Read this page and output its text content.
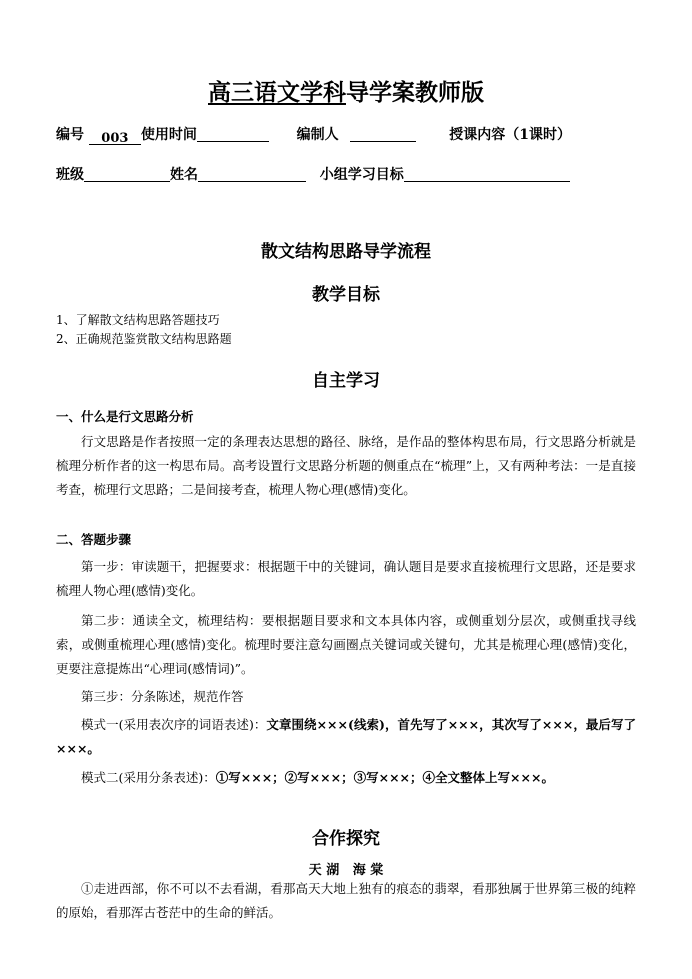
高三语文学科导学案教师版
编号 003 使用时间	编制人	授课内容（1课时）
班级	姓名	小组学习目标
散文结构思路导学流程
教学目标
1、了解散文结构思路答题技巧
2、正确规范鉴赏散文结构思路题
自主学习
一、什么是行文思路分析
行文思路是作者按照一定的条理表达思想的路径、脉络，是作品的整体构思布局，行文思路分析就是梳理分析作者的这一构思布局。高考设置行文思路分析题的侧重点在“梳理”上，又有两种考法：一是直接考查，梳理行文思路；二是间接考查，梳理人物心理(感情)变化。
二、答题步骤
第一步：审读题干，把握要求：根据题干中的关键词，确认题目是要求直接梳理行文思路，还是要求梳理人物心理(感情)变化。
第二步：通读全文，梳理结构：要根据题目要求和文本具体内容，或侧重划分层次，或侧重找寻线索，或侧重梳理心理(感情)变化。梳理时要注意勾画圈点关键词或关键句，尤其是梳理心理(感情)变化，更要注意提炼出“心理词(感情词)”。
第三步：分条陈述，规范作答
模式一(采用表次序的词语表述)：文章围绕×××(线索)，首先写了×××，其次写了×××，最后写了×××。
模式二(采用分条表述)：①写×××；②写×××；③写×××；④全文整体上写×××。
合作探究
天 湖   海 棠
①走进西部，你不可以不去看湖，看那高天大地上独有的痕态的翡翠，看那独属于世界第三极的纯粹的原始，看那浑古苍茫中的生命的鲜活。
